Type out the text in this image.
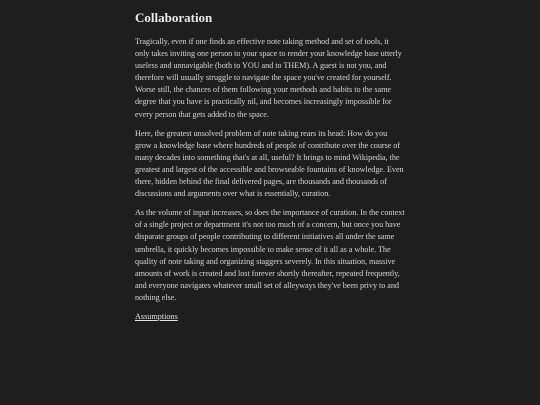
Collaboration

Tragically, even if one finds an effective note taking method and set of tools, it only takes inviting one person to your space to render your knowledge base utterly useless and unnavigable (both to YOU and to THEM). A guest is not you, and therefore will usually struggle to navigate the space you've created for yourself. Worse still, the chances of them following your methods and habits to the same degree that you have is practically nil, and becomes increasingly impossible for every person that gets added to the space.

Here, the greatest unsolved problem of note taking rears its head: How do you grow a knowledge base where hundreds of people of contribute over the course of many decades into something that's at all, useful? It brings to mind Wikipedia, the greatest and largest of the accessible and browseable fountains of knowledge. Even there, hidden behind the final delivered pages, are thousands and thousands of discussions and arguments over what is essentially, curation.

As the volume of input increases, so does the importance of curation. In the context of a single project or department it's not too much of a concern, but once you have disparate groups of people contributing to different initiatives all under the same umbrella, it quickly becomes impossible to make sense of it all as a whole. The quality of note taking and organizing staggers severely. In this situation, massive amounts of work is created and lost forever shortly thereafter, repeated frequently, and everyone navigates whatever small set of alleyways they've been privy to and nothing else.

Assumptions
